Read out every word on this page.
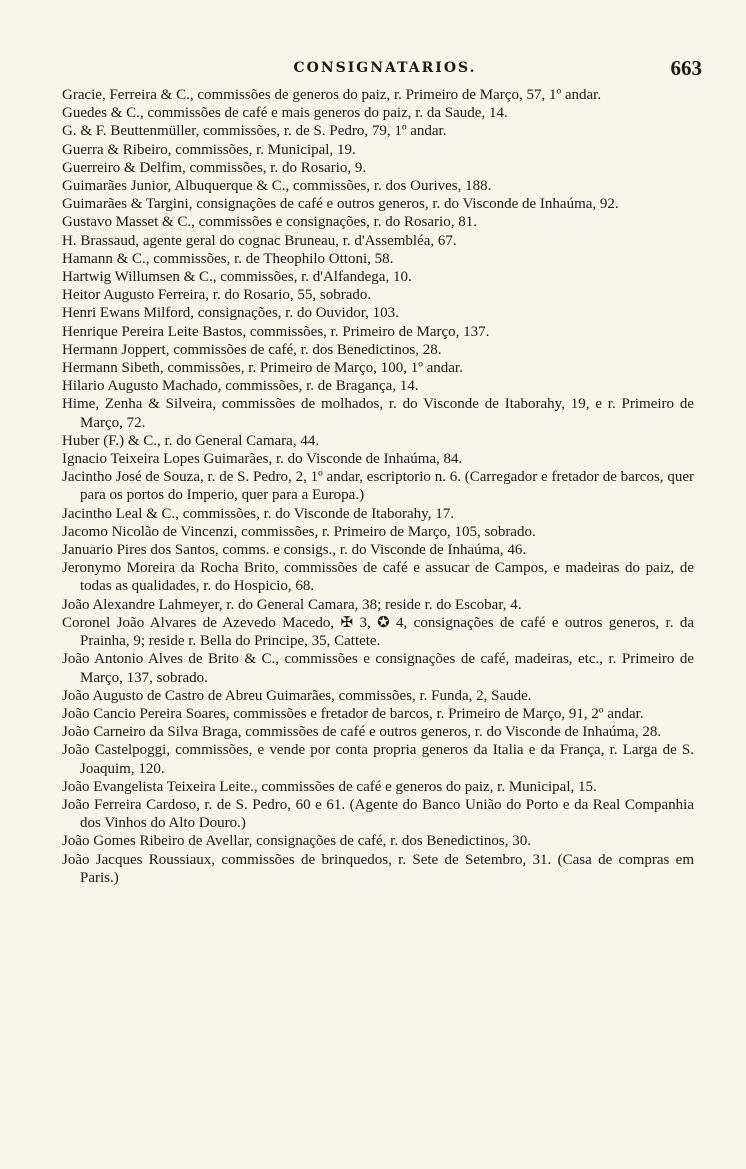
CONSIGNATARIOS.	663
Gracie, Ferreira & C., commissões de generos do paiz, r. Primeiro de Março, 57, 1º andar.
Guedes & C., commissões de café e mais generos do paiz, r. da Saude, 14.
G. & F. Beuttenmüller, commissões, r. de S. Pedro, 79, 1º andar.
Guerra & Ribeiro, commissões, r. Municipal, 19.
Guerreiro & Delfim, commissões, r. do Rosario, 9.
Guimarães Junior, Albuquerque & C., commissões, r. dos Ourives, 188.
Guimarães & Targini, consignações de café e outros generos, r. do Visconde de Inhaúma, 92.
Gustavo Masset & C., commissões e consignações, r. do Rosario, 81.
H. Brassaud, agente geral do cognac Bruneau, r. d'Assembléa, 67.
Hamann & C., commissões, r. de Theophilo Ottoni, 58.
Hartwig Willumsen & C., commissões, r. d'Alfandega, 10.
Heitor Augusto Ferreira, r. do Rosario, 55, sobrado.
Henri Ewans Milford, consignações, r. do Ouvidor, 103.
Henrique Pereira Leite Bastos, commissões, r. Primeiro de Março, 137.
Hermann Joppert, commissões de café, r. dos Benedictinos, 28.
Hermann Sibeth, commissões, r. Primeiro de Março, 100, 1º andar.
Hilario Augusto Machado, commissões, r. de Bragança, 14.
Hime, Zenha & Silveira, commissões de molhados, r. do Visconde de Itaborahy, 19, e r. Primeiro de Março, 72.
Huber (F.) & C., r. do General Camara, 44.
Ignacio Teixeira Lopes Guimarães, r. do Visconde de Inhaúma, 84.
Jacintho José de Souza, r. de S. Pedro, 2, 1º andar, escriptorio n. 6. (Carregador e fretador de barcos, quer para os portos do Imperio, quer para a Europa.)
Jacintho Leal & C., commissões, r. do Visconde de Itaborahy, 17.
Jacomo Nicolão de Vincenzi, commissões, r. Primeiro de Março, 105, sobrado.
Januario Pires dos Santos, comms. e consigs., r. do Visconde de Inhaúma, 46.
Jeronymo Moreira da Rocha Brito, commissões de café e assucar de Campos, e madeiras do paiz, de todas as qualidades, r. do Hospicio, 68.
João Alexandre Lahmeyer, r. do General Camara, 38; reside r. do Escobar, 4.
Coronel João Alvares de Azevedo Macedo, ✠ 3, ✪ 4, consignações de café e outros generos, r. da Prainha, 9; reside r. Bella do Principe, 35, Cattete.
João Antonio Alves de Brito & C., commissões e consignações de café, madeiras, etc., r. Primeiro de Março, 137, sobrado.
João Augusto de Castro de Abreu Guimarães, commissões, r. Funda, 2, Saude.
João Cancio Pereira Soares, commissões e fretador de barcos, r. Primeiro de Março, 91, 2º andar.
João Carneiro da Silva Braga, commissões de café e outros generos, r. do Visconde de Inhaúma, 28.
João Castelpoggi, commissões, e vende por conta propria generos da Italia e da França, r. Larga de S. Joaquim, 120.
João Evangelista Teixeira Leite., commissões de café e generos do paiz, r. Municipal, 15.
João Ferreira Cardoso, r. de S. Pedro, 60 e 61. (Agente do Banco União do Porto e da Real Companhia dos Vinhos do Alto Douro.)
João Gomes Ribeiro de Avellar, consignações de café, r. dos Benedictinos, 30.
João Jacques Roussiaux, commissões de brinquedos, r. Sete de Setembro, 31. (Casa de compras em Paris.)
